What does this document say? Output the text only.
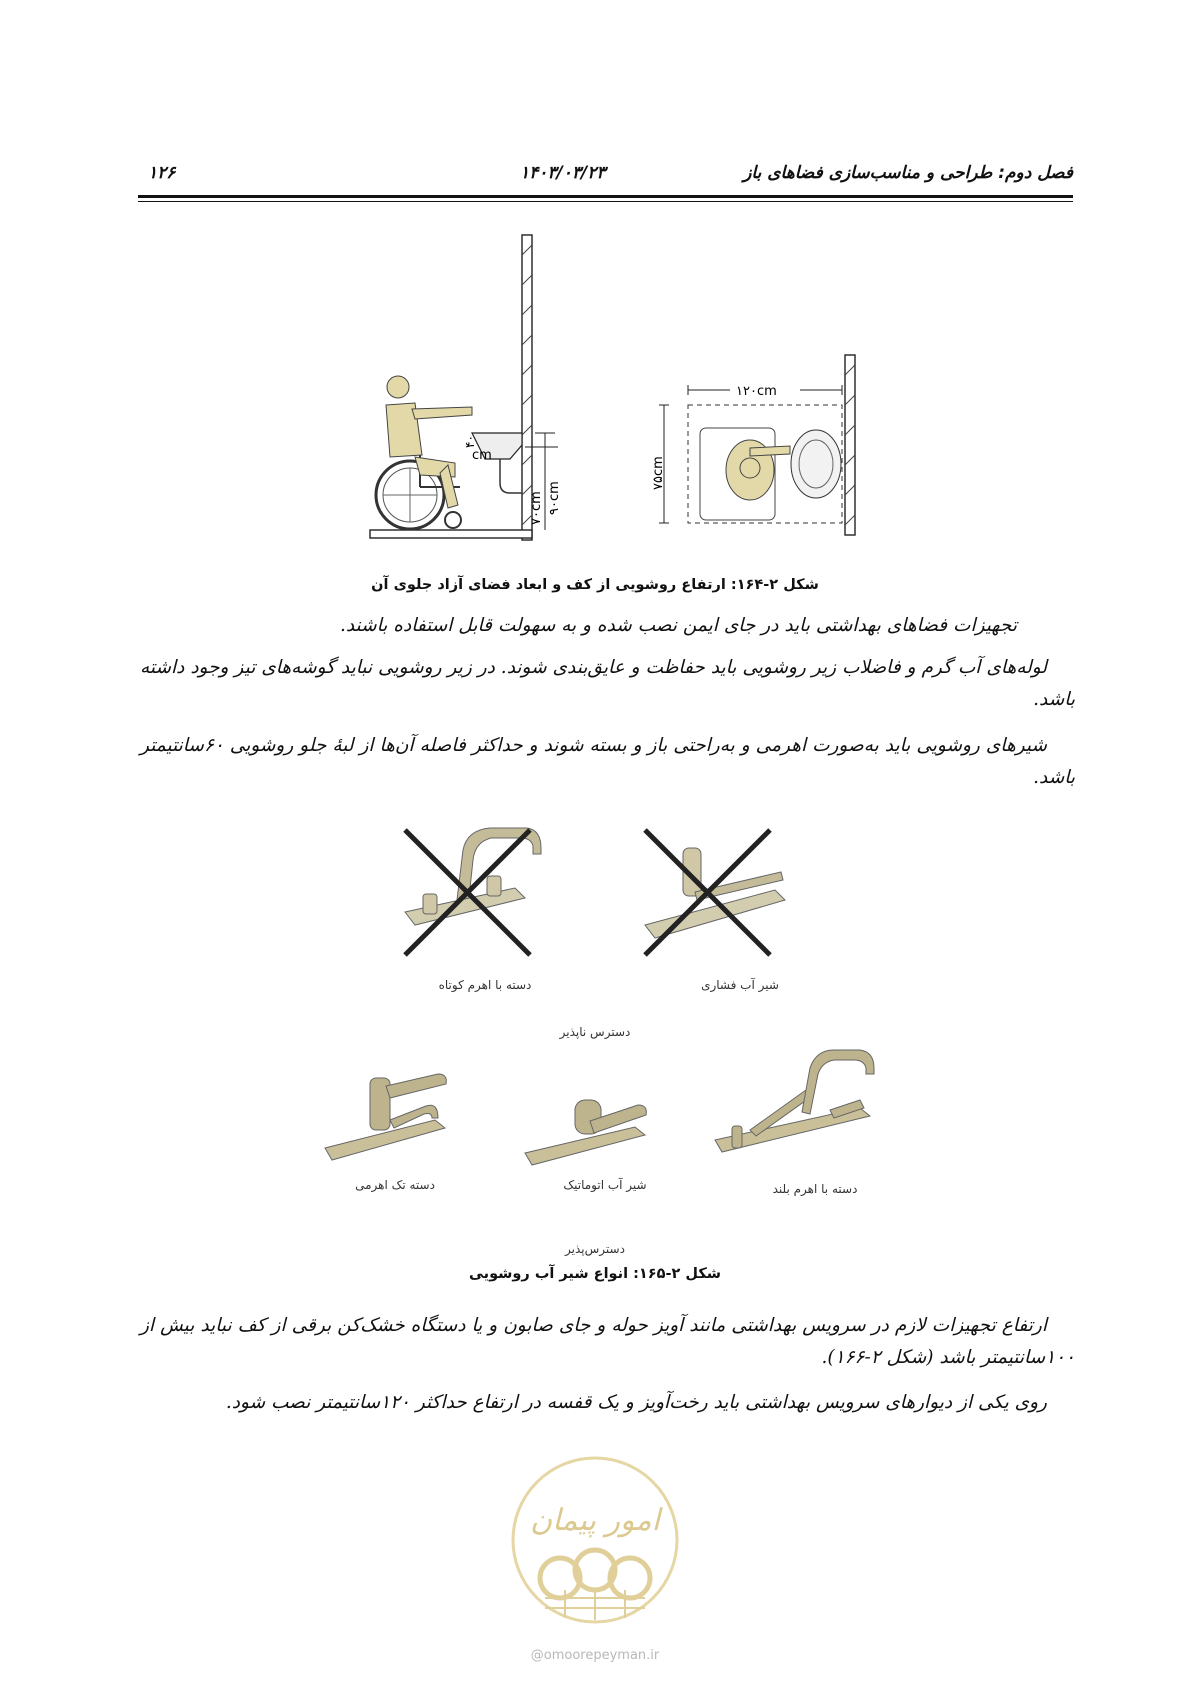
فصل دوم: طراحی و مناسب‌سازی فضاهای باز
۱۴۰۳/۰۳/۲۳
۱۲۶
۴۰
cm
۷۰cm ۹۰cm
۱۲۰cm
۷۵cm
شکل ۲-۱۶۴: ارتفاع روشویی از کف و ابعاد فضای آزاد جلوی آن
تجهیزات فضاهای بهداشتی باید در جای ایمن نصب شده و به سهولت قابل استفاده باشند.
لوله‌های آب گرم و فاضلاب زیر روشویی باید حفاظت و عایق‌بندی شوند. در زیر روشویی نباید گوشه‌های تیز وجود داشته باشد.
شیرهای روشویی باید به‌صورت اهرمی و به‌راحتی باز و بسته شوند و حداکثر فاصله آن‌ها از لبهٔ جلو روشویی ۶۰سانتیمتر باشد.
شیر آب فشاری
دسته با اهرم کوتاه
دسترس ناپذیر
دسته با اهرم بلند
شیر آب اتوماتیک
دسته تک اهرمی
دسترس‌پذیر
شکل ۲-۱۶۵: انواع شیر آب روشویی
ارتفاع تجهیزات لازم در سرویس بهداشتی مانند آویز حوله و جای صابون و یا دستگاه خشک‌کن برقی از کف نباید بیش از ۱۰۰سانتیمتر باشد (شکل ۲-۱۶۶).
روی یکی از دیوارهای سرویس بهداشتی باید رخت‌آویز و یک قفسه در ارتفاع حداکثر ۱۲۰سانتیمتر نصب شود.
امور پیمان
@omoorepeyman.ir
